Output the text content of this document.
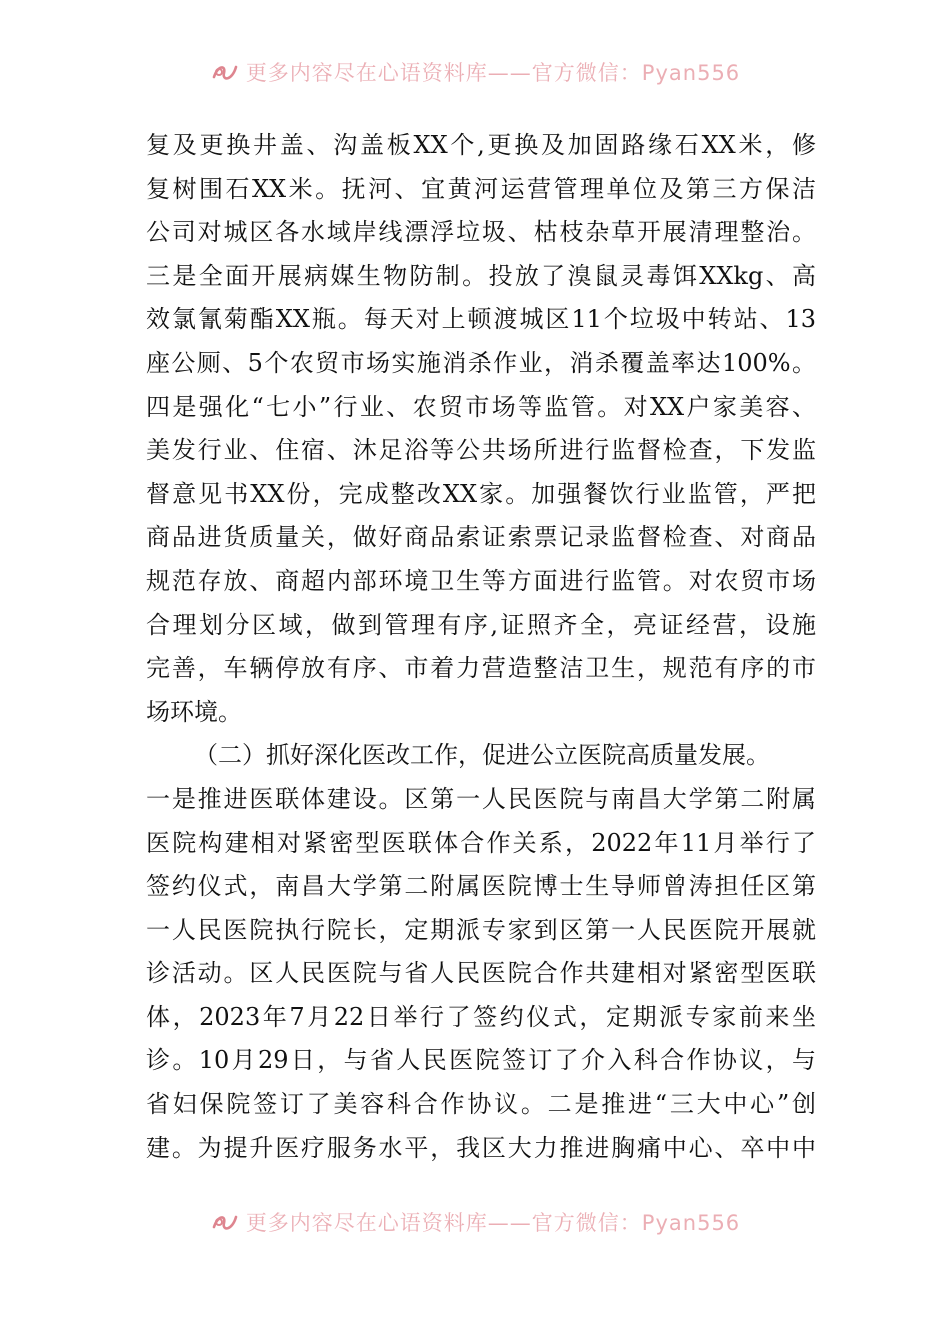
更多内容尽在心语资料库——官方微信：Pyan556
复及更换井盖、沟盖板XX个,更换及加固路缘石XX米，修
复树围石XX米。抚河、宜黄河运营管理单位及第三方保洁
公司对城区各水域岸线漂浮垃圾、枯枝杂草开展清理整治。
三是全面开展病媒生物防制。投放了溴鼠灵毒饵XXkg、高
效氯氰菊酯XX瓶。每天对上顿渡城区11个垃圾中转站、13
座公厕、5个农贸市场实施消杀作业，消杀覆盖率达100%。
四是强化“七小”行业、农贸市场等监管。对XX户家美容、
美发行业、住宿、沐足浴等公共场所进行监督检查，下发监
督意见书XX份，完成整改XX家。加强餐饮行业监管，严把
商品进货质量关，做好商品索证索票记录监督检查、对商品
规范存放、商超内部环境卫生等方面进行监管。对农贸市场
合理划分区域，做到管理有序,证照齐全，亮证经营，设施
完善，车辆停放有序、市着力营造整洁卫生，规范有序的市
场环境。
（二）抓好深化医改工作，促进公立医院高质量发展。
一是推进医联体建设。区第一人民医院与南昌大学第二附属
医院构建相对紧密型医联体合作关系，2022年11月举行了
签约仪式，南昌大学第二附属医院博士生导师曾涛担任区第
一人民医院执行院长，定期派专家到区第一人民医院开展就
诊活动。区人民医院与省人民医院合作共建相对紧密型医联
体，2023年7月22日举行了签约仪式，定期派专家前来坐
诊。10月29日，与省人民医院签订了介入科合作协议，与
省妇保院签订了美容科合作协议。二是推进“三大中心”创
建。为提升医疗服务水平，我区大力推进胸痛中心、卒中中
更多内容尽在心语资料库——官方微信：Pyan556
